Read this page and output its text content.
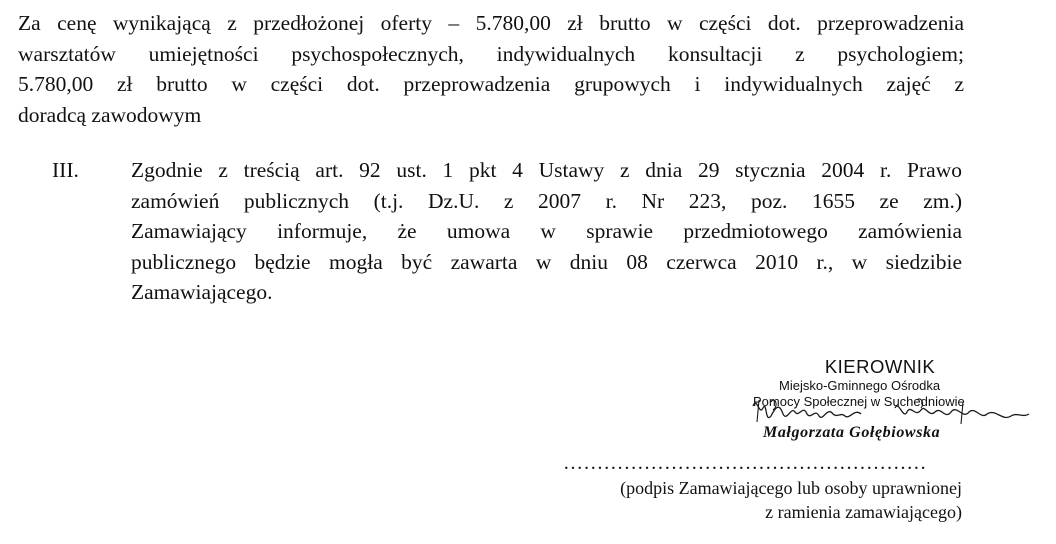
Za cenę wynikającą z przedłożonej oferty – 5.780,00 zł brutto w części dot. przeprowadzenia
warsztatów umiejętności psychospołecznych, indywidualnych konsultacji z psychologiem;
5.780,00 zł brutto w części dot. przeprowadzenia grupowych i indywidualnych zajęć z
doradcą zawodowym
III. Zgodnie z treścią art. 92 ust. 1 pkt 4 Ustawy z dnia 29 stycznia 2004 r. Prawo
zamówień publicznych (t.j. Dz.U. z 2007 r. Nr 223, poz. 1655 ze zm.)
Zamawiający informuje, że umowa w sprawie przedmiotowego zamówienia
publicznego będzie mogła być zawarta w dniu 08 czerwca 2010 r., w siedzibie
Zamawiającego.
KIEROWNIK
Miejsko-Gminnego Ośrodka
Pomocy Społecznej w Suchedniowie
Małgorzata Gołębiowska
………………………………………………
(podpis Zamawiającego lub osoby uprawnionej
z ramienia zamawiającego)
